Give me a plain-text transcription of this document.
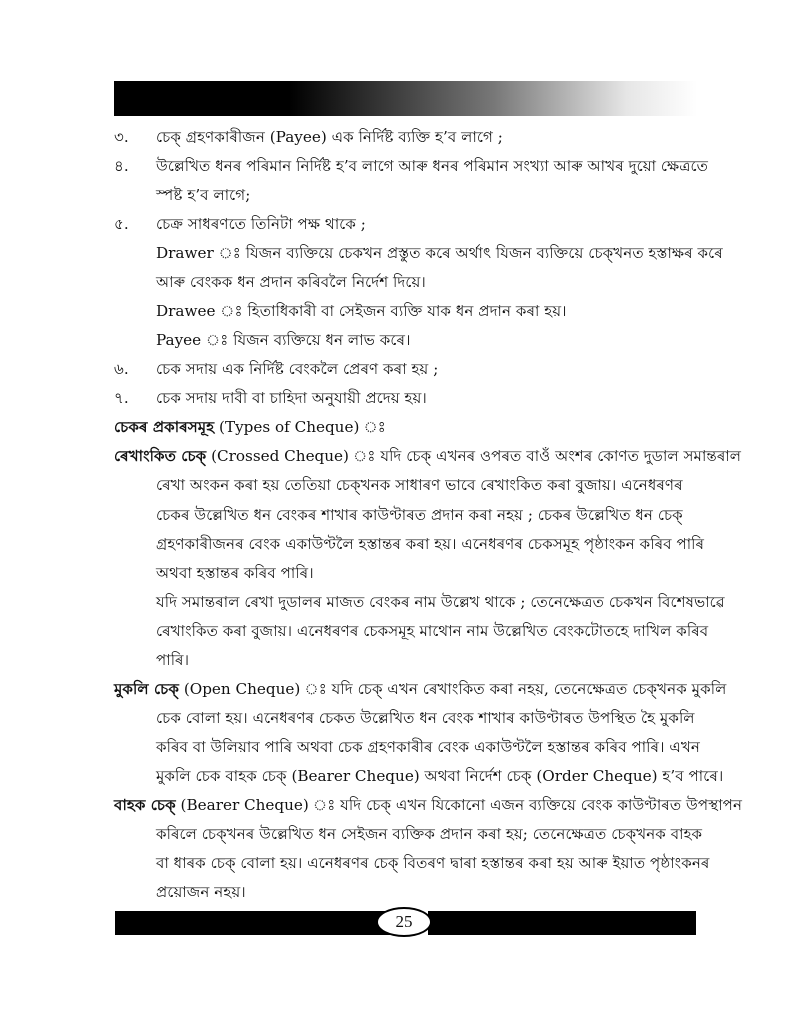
৩. চেক্ গ্ৰহণকাৰীজন (Payee) এক নিৰ্দিষ্ট ব্যক্তি হ’ব লাগে ;
৪. উল্লেখিত ধনৰ পৰিমান নিৰ্দিষ্ট হ’ব লাগে আৰু ধনৰ পৰিমান সংখ্যা আৰু আখৰ দুয়ো ক্ষেত্ৰতে
স্পষ্ট হ’ব লাগে;
৫. চেক্ৰ সাধৰণতে তিনিটা পক্ষ থাকে ;
Drawer ঃ যিজন ব্যক্তিয়ে চেকখন প্ৰস্তুত কৰে অৰ্থাৎ যিজন ব্যক্তিয়ে চেক্খনত হস্তাক্ষৰ কৰে
আৰু বেংকক ধন প্ৰদান কৰিবলৈ নিৰ্দেশ দিয়ে।
Drawee ঃ হিতাধিকাৰী বা সেইজন ব্যক্তি যাক ধন প্ৰদান কৰা হয়।
Payee ঃ যিজন ব্যক্তিয়ে ধন লাভ কৰে।
৬. চেক সদায় এক নিৰ্দিষ্ট বেংকলৈ প্ৰেৰণ কৰা হয় ;
৭. চেক সদায় দাবী বা চাহিদা অনুযায়ী প্ৰদেয় হয়।
চেকৰ প্ৰকাৰসমূহ (Types of Cheque) ঃ
ৰেখাংকিত চেক্ (Crossed Cheque) ঃ যদি চেক্ এখনৰ ওপৰত বাওঁ অংশৰ কোণত দুডাল সমান্তৰাল
ৰেখা অংকন কৰা হয় তেতিয়া চেক্খনক সাধাৰণ ভাবে ৰেখাংকিত কৰা বুজায়। এনেধৰণৰ
চেকৰ উল্লেখিত ধন বেংকৰ শাখাৰ কাউণ্টাৰত প্ৰদান কৰা নহয় ; চেকৰ উল্লেখিত ধন চেক্
গ্ৰহণকাৰীজনৰ বেংক একাউণ্টলৈ হস্তান্তৰ কৰা হয়। এনেধৰণৰ চেকসমূহ পৃষ্ঠাংকন কৰিব পাৰি
অথবা হস্তান্তৰ কৰিব পাৰি।
যদি সমান্তৰাল ৰেখা দুডালৰ মাজত বেংকৰ নাম উল্লেখ থাকে ; তেনেক্ষেত্ৰত চেকখন বিশেষভাৱে
ৰেখাংকিত কৰা বুজায়। এনেধৰণৰ চেকসমূহ মাথোন নাম উল্লেখিত বেংকটোতহে দাখিল কৰিব
পাৰি।
মুকলি চেক্ (Open Cheque) ঃ যদি চেক্ এখন ৰেখাংকিত কৰা নহয়, তেনেক্ষেত্ৰত চেক্খনক মুকলি
চেক বোলা হয়। এনেধৰণৰ চেকত উল্লেখিত ধন বেংক শাখাৰ কাউণ্টাৰত উপস্থিত হৈ মুকলি
কৰিব বা উলিয়াব পাৰি অথবা চেক গ্ৰহণকাৰীৰ বেংক একাউণ্টলৈ হস্তান্তৰ কৰিব পাৰি। এখন
মুকলি চেক বাহক চেক্ (Bearer Cheque) অথবা নিৰ্দেশ চেক্ (Order Cheque) হ’ব পাৰে।
বাহক চেক্ (Bearer Cheque) ঃ যদি চেক্ এখন যিকোনো এজন ব্যক্তিয়ে বেংক কাউণ্টাৰত উপস্থাপন
কৰিলে চেক্খনৰ উল্লেখিত ধন সেইজন ব্যক্তিক প্ৰদান কৰা হয়; তেনেক্ষেত্ৰত চেক্খনক বাহক
বা ধাৰক চেক্ বোলা হয়। এনেধৰণৰ চেক্ বিতৰণ দ্বাৰা হস্তান্তৰ কৰা হয় আৰু ইয়াত পৃষ্ঠাংকনৰ
প্ৰয়োজন নহয়।
25
